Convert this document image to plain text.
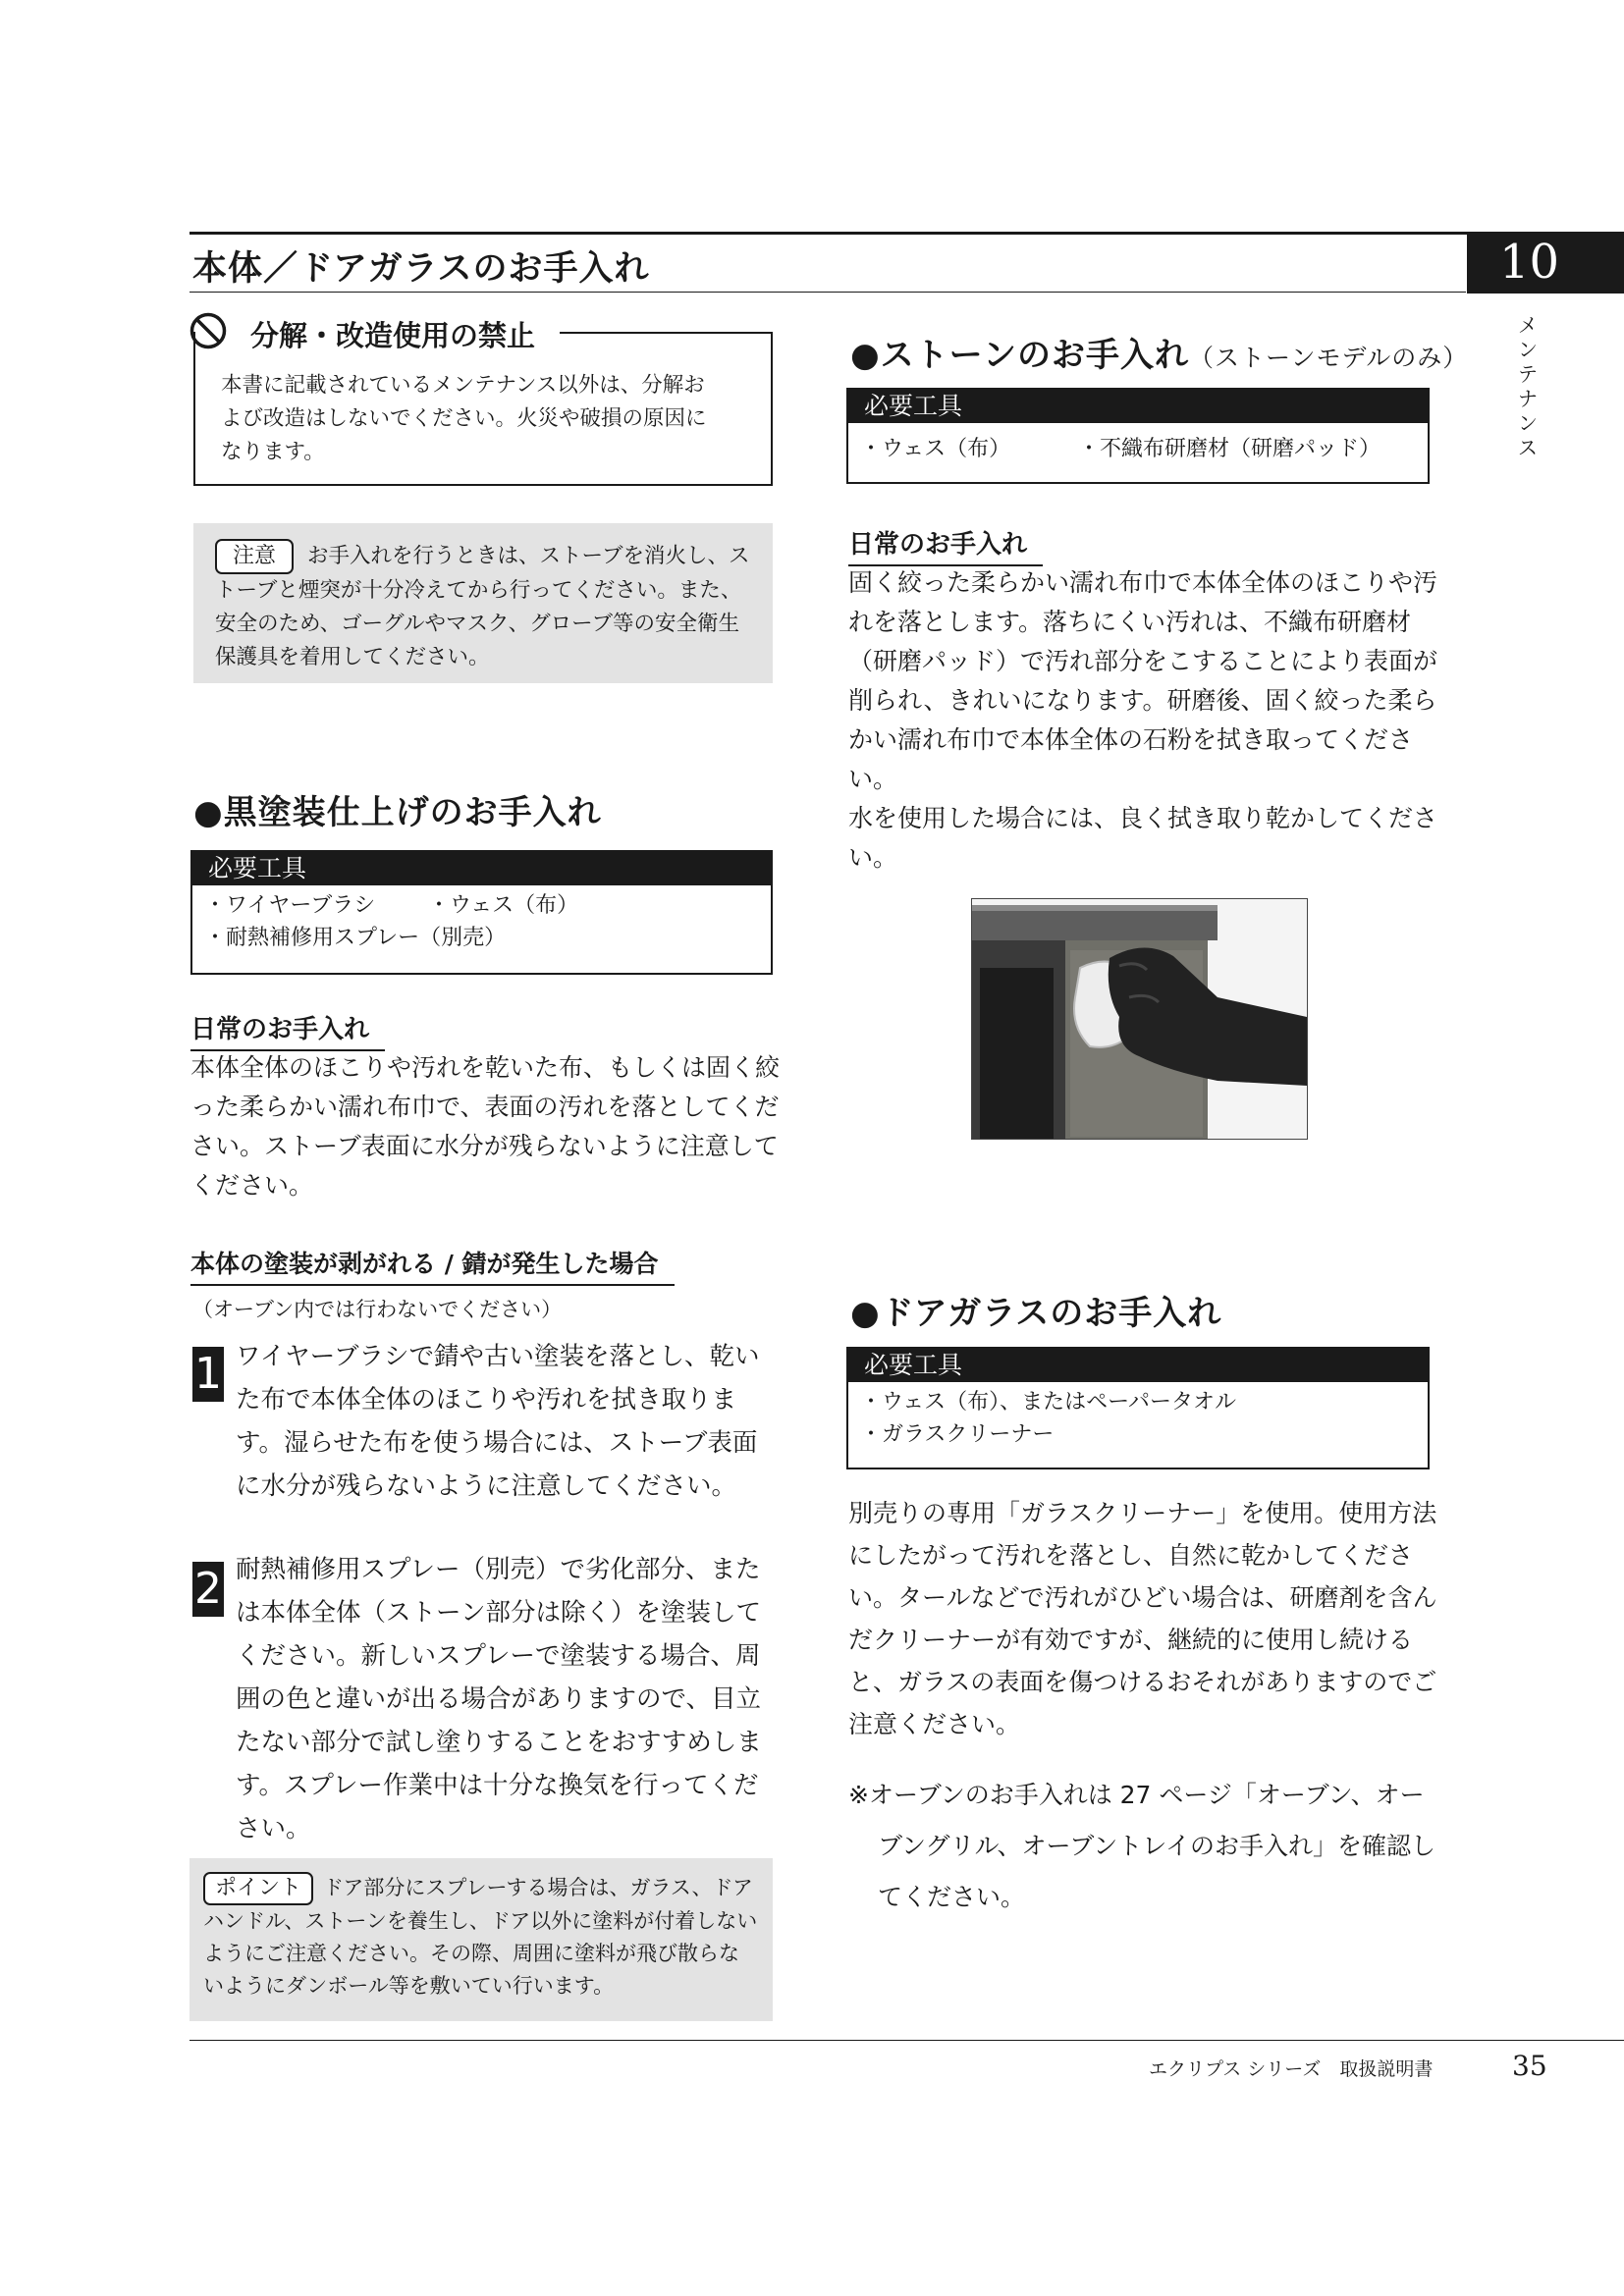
本体／ドアガラスのお手入れ	10
メンテナンス
分解・改造使用の禁止
本書に記載されているメンテナンス以外は、分解お
よび改造はしないでください。火災や破損の原因に
なります。
注意 お手入れを行うときは、ストーブを消火し、ストーブと煙突が十分冷えてから行ってください。また、安全のため、ゴーグルやマスク、グローブ等の安全衛生保護具を着用してください。
●黒塗装仕上げのお手入れ
必要工具
・ワイヤーブラシ	・ウェス（布）
・耐熱補修用スプレー（別売）
日常のお手入れ
本体全体のほこりや汚れを乾いた布、もしくは固く絞った柔らかい濡れ布巾で、表面の汚れを落としてください。ストーブ表面に水分が残らないように注意してください。
本体の塗装が剥がれる / 錆が発生した場合
（オーブン内では行わないでください）
1 ワイヤーブラシで錆や古い塗装を落とし、乾いた布で本体全体のほこりや汚れを拭き取ります。湿らせた布を使う場合には、ストーブ表面に水分が残らないように注意してください。
2 耐熱補修用スプレー（別売）で劣化部分、または本体全体（ストーン部分は除く）を塗装してください。新しいスプレーで塗装する場合、周囲の色と違いが出る場合がありますので、目立たない部分で試し塗りすることをおすすめします。スプレー作業中は十分な換気を行ってください。
ポイント ドア部分にスプレーする場合は、ガラス、ドアハンドル、ストーンを養生し、ドア以外に塗料が付着しないようにご注意ください。その際、周囲に塗料が飛び散らないようにダンボール等を敷いてい行います。
●ストーンのお手入れ（ストーンモデルのみ）
必要工具
・ウェス（布）	・不織布研磨材（研磨パッド）
日常のお手入れ
固く絞った柔らかい濡れ布巾で本体全体のほこりや汚れを落とします。落ちにくい汚れは、不織布研磨材（研磨パッド）で汚れ部分をこすることにより表面が削られ、きれいになります。研磨後、固く絞った柔らかい濡れ布巾で本体全体の石粉を拭き取ってください。
水を使用した場合には、良く拭き取り乾かしてください。
●ドアガラスのお手入れ
必要工具
・ウェス（布）、またはペーパータオル
・ガラスクリーナー
別売りの専用「ガラスクリーナー」を使用。使用方法にしたがって汚れを落とし、自然に乾かしてください。タールなどで汚れがひどい場合は、研磨剤を含んだクリーナーが有効ですが、継続的に使用し続けると、ガラスの表面を傷つけるおそれがありますのでご注意ください。
※オーブンのお手入れは 27 ページ「オーブン、オーブングリル、オーブントレイのお手入れ」を確認してください。
エクリプス シリーズ　取扱説明書	35
